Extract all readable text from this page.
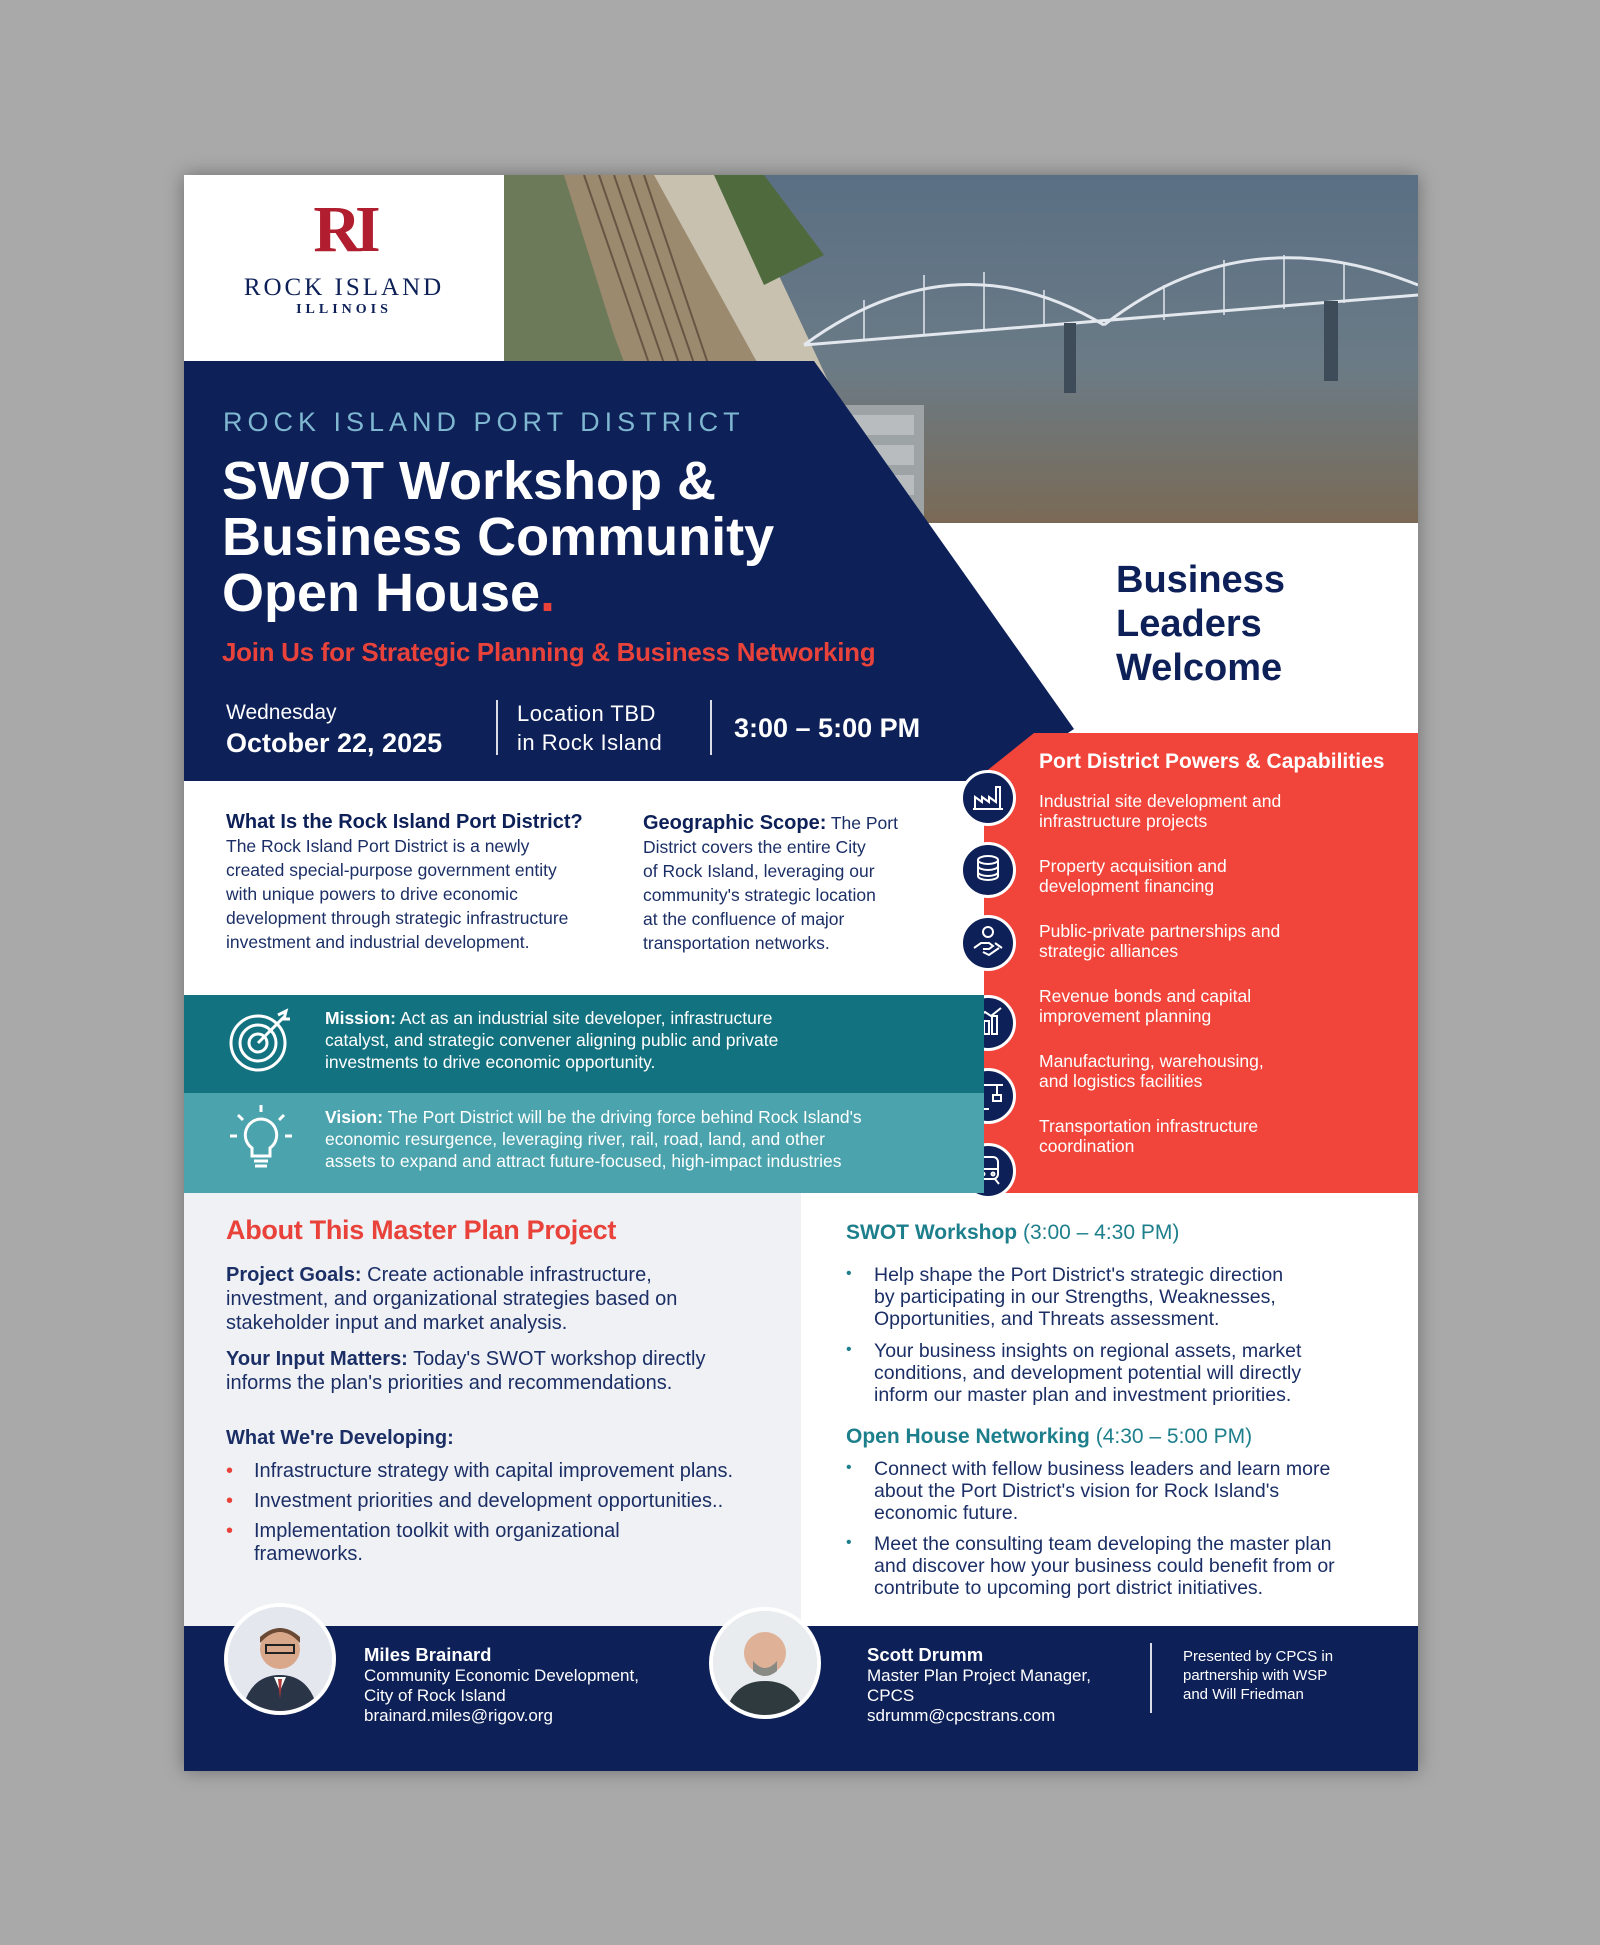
RI
ROCK ISLAND
ILLINOIS
ROCK ISLAND PORT DISTRICT
SWOT Workshop &
Business Community
Open House.
Join Us for Strategic Planning & Business Networking
Wednesday
October 22, 2025
Location TBD
in Rock Island	3:00 – 5:00 PM
Business
Leaders
Welcome
Port District Powers & Capabilities
Industrial site development and
infrastructure projects
Property acquisition and
development financing
Public-private partnerships and
strategic alliances
Revenue bonds and capital
improvement planning
Manufacturing, warehousing,
and logistics facilities
Transportation infrastructure
coordination
What Is the Rock Island Port District?
The Rock Island Port District is a newly
created special-purpose government entity
with unique powers to drive economic
development through strategic infrastructure
investment and industrial development.
Geographic Scope: The Port
District covers the entire City
of Rock Island, leveraging our
community's strategic location
at the confluence of major
transportation networks.
Mission: Act as an industrial site developer, infrastructure
catalyst, and strategic convener aligning public and private
investments to drive economic opportunity.
Vision: The Port District will be the driving force behind Rock Island's
economic resurgence, leveraging river, rail, road, land, and other
assets to expand and attract future-focused, high-impact industries
About This Master Plan Project
Project Goals: Create actionable infrastructure,
investment, and organizational strategies based on
stakeholder input and market analysis.
Your Input Matters: Today's SWOT workshop directly
informs the plan's priorities and recommendations.
What We're Developing:
• Infrastructure strategy with capital improvement plans.
• Investment priorities and development opportunities..
• Implementation toolkit with organizational
frameworks.
SWOT Workshop (3:00 – 4:30 PM)
• Help shape the Port District's strategic direction
by participating in our Strengths, Weaknesses,
Opportunities, and Threats assessment.
• Your business insights on regional assets, market
conditions, and development potential will directly
inform our master plan and investment priorities.
Open House Networking (4:30 – 5:00 PM)
• Connect with fellow business leaders and learn more
about the Port District's vision for Rock Island's
economic future.
• Meet the consulting team developing the master plan
and discover how your business could benefit from or
contribute to upcoming port district initiatives.
Miles Brainard
Community Economic Development,
City of Rock Island
brainard.miles@rigov.org
Scott Drumm
Master Plan Project Manager,
CPCS
sdrumm@cpcstrans.com
Presented by CPCS in
partnership with WSP
and Will Friedman
